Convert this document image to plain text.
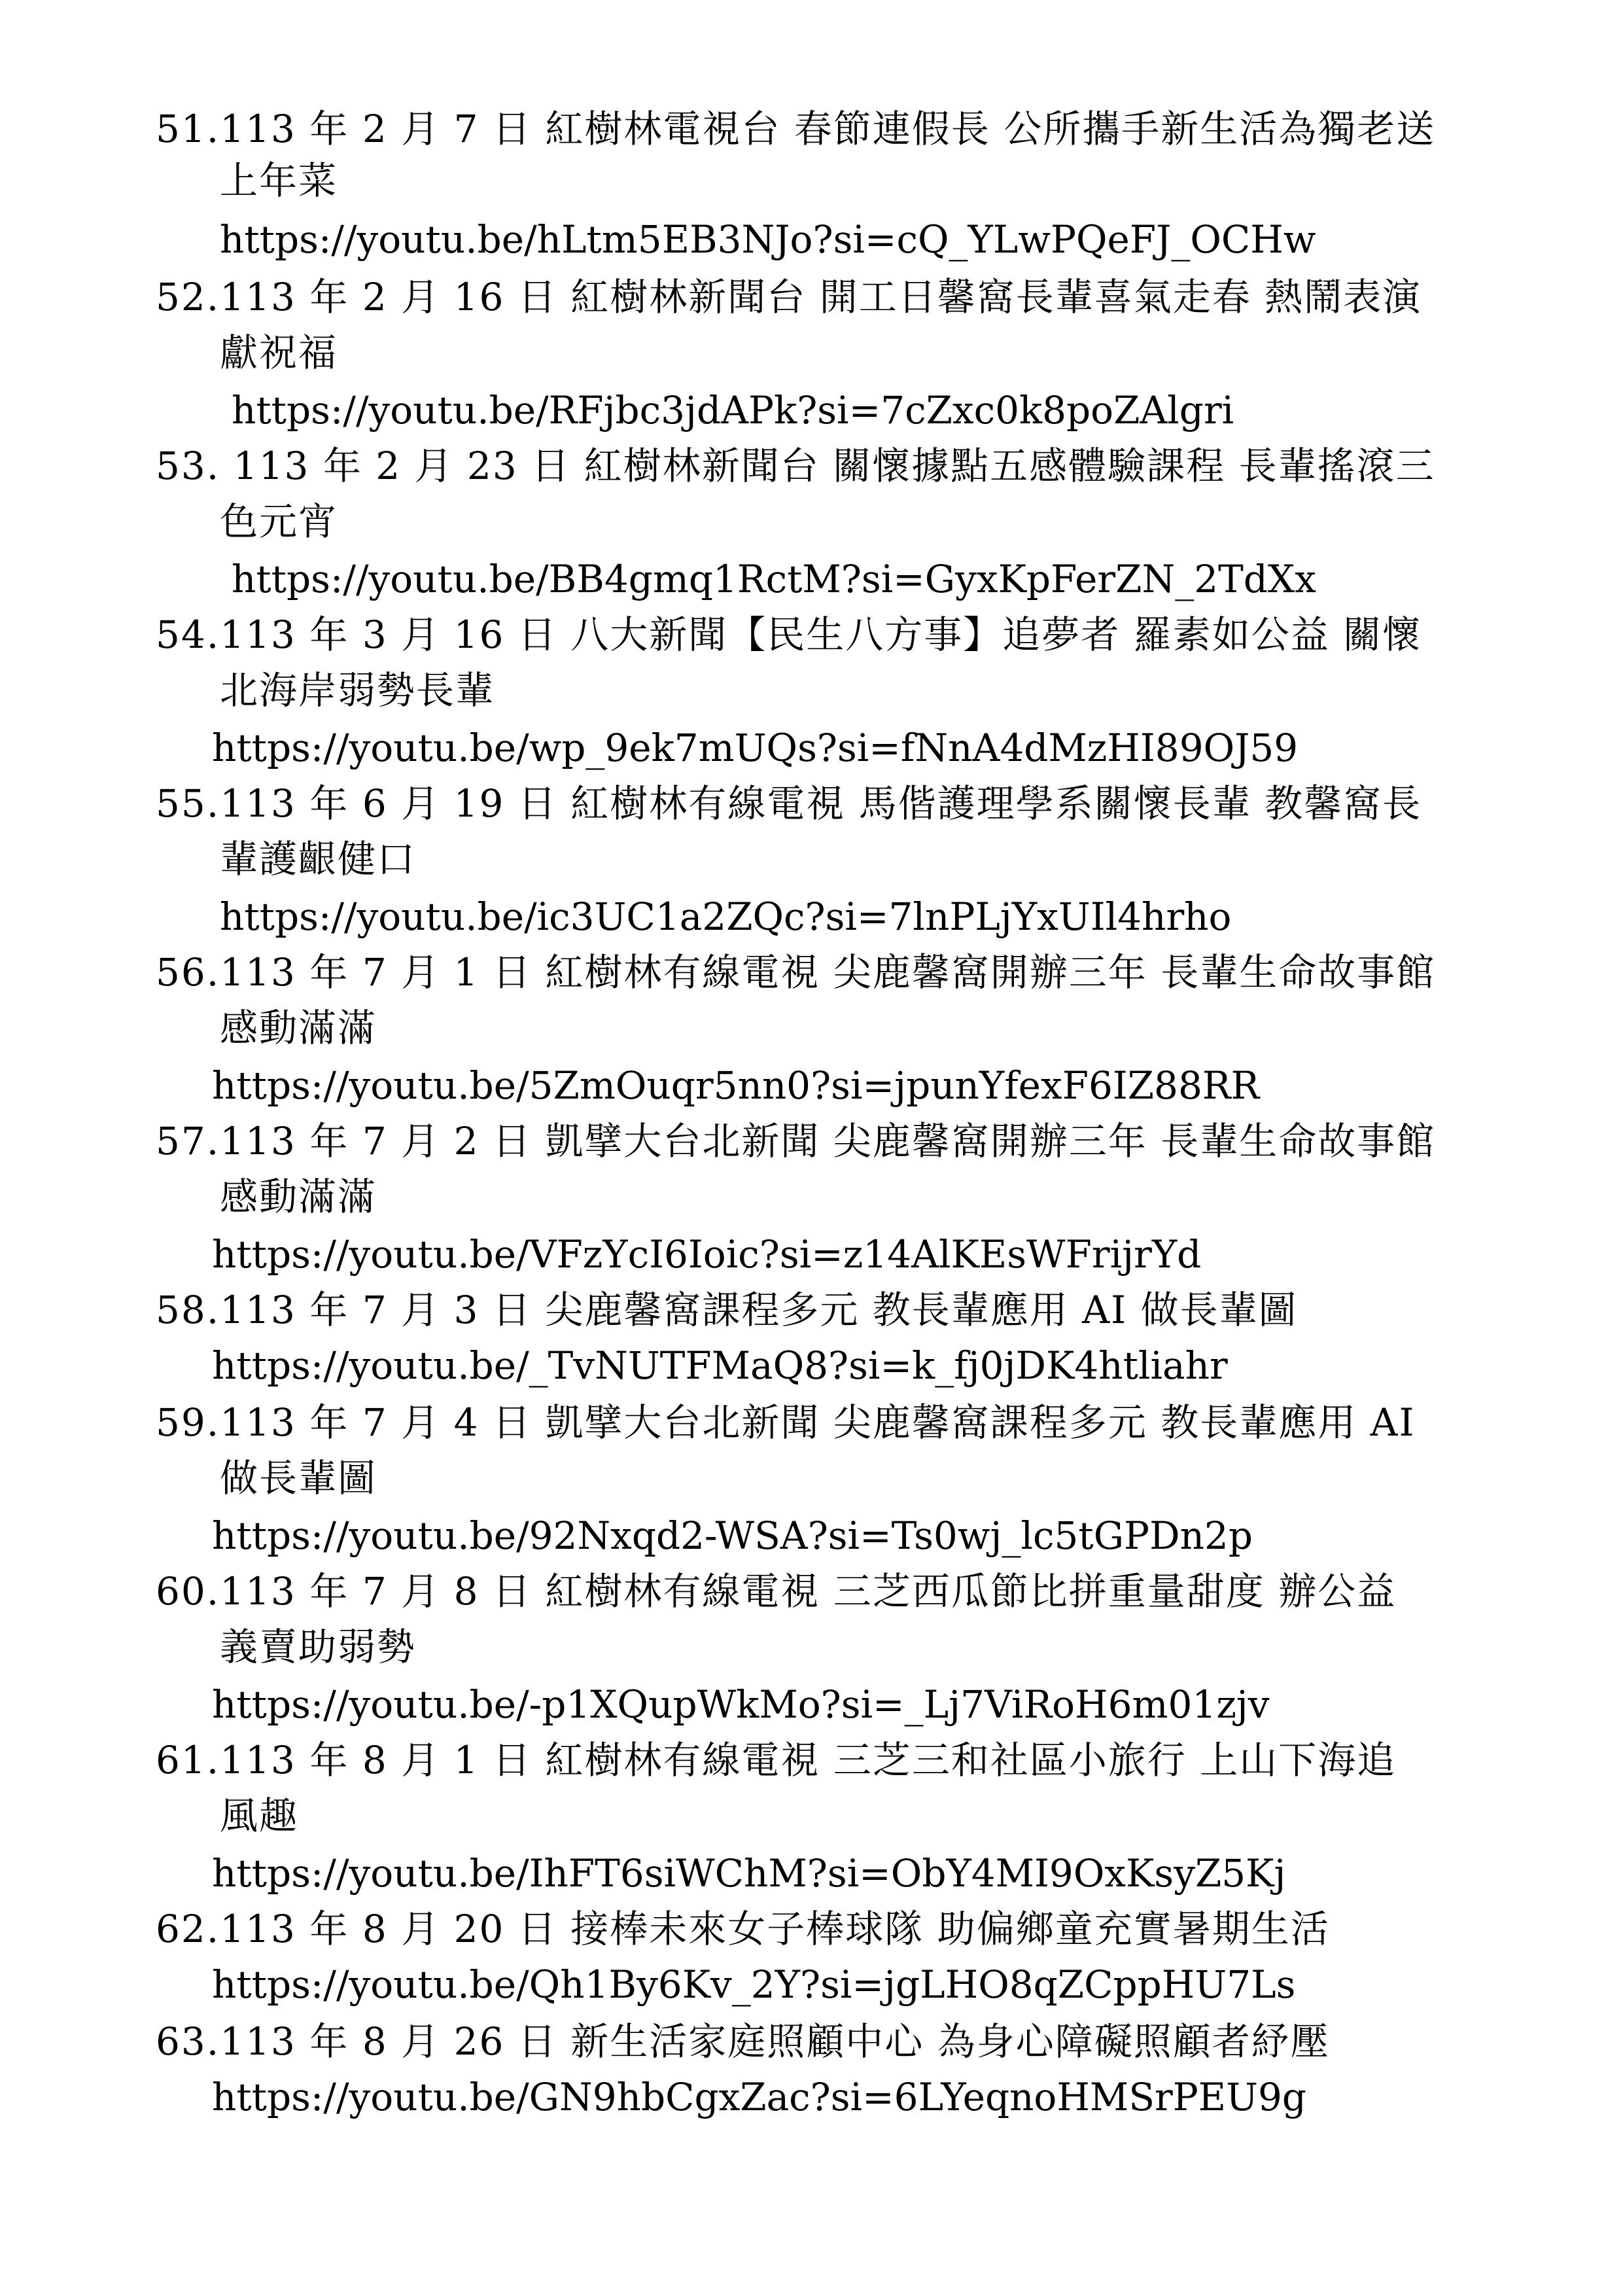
51.113 年 2 月 7 日 紅樹林電視台 春節連假長 公所攜手新生活為獨老送
上年菜
https://youtu.be/hLtm5EB3NJo?si=cQ_YLwPQeFJ_OCHw
52.113 年 2 月 16 日 紅樹林新聞台 開工日馨窩長輩喜氣走春 熱鬧表演
獻祝福
https://youtu.be/RFjbc3jdAPk?si=7cZxc0k8poZAlgri
53. 113 年 2 月 23 日 紅樹林新聞台 關懷據點五感體驗課程 長輩搖滾三
色元宵
https://youtu.be/BB4gmq1RctM?si=GyxKpFerZN_2TdXx
54.113 年 3 月 16 日 八大新聞【民生八方事】追夢者 羅素如公益 關懷
北海岸弱勢長輩
https://youtu.be/wp_9ek7mUQs?si=fNnA4dMzHI89OJ59
55.113 年 6 月 19 日 紅樹林有線電視 馬偕護理學系關懷長輩 教馨窩長
輩護齦健口
https://youtu.be/ic3UC1a2ZQc?si=7lnPLjYxUIl4hrho
56.113 年 7 月 1 日 紅樹林有線電視 尖鹿馨窩開辦三年 長輩生命故事館
感動滿滿
https://youtu.be/5ZmOuqr5nn0?si=jpunYfexF6IZ88RR
57.113 年 7 月 2 日 凱擘大台北新聞 尖鹿馨窩開辦三年 長輩生命故事館
感動滿滿
https://youtu.be/VFzYcI6Ioic?si=z14AlKEsWFrijrYd
58.113 年 7 月 3 日 尖鹿馨窩課程多元 教長輩應用 AI 做長輩圖
https://youtu.be/_TvNUTFMaQ8?si=k_fj0jDK4htliahr
59.113 年 7 月 4 日 凱擘大台北新聞 尖鹿馨窩課程多元 教長輩應用 AI
做長輩圖
https://youtu.be/92Nxqd2-WSA?si=Ts0wj_lc5tGPDn2p
60.113 年 7 月 8 日 紅樹林有線電視 三芝西瓜節比拼重量甜度 辦公益
義賣助弱勢
https://youtu.be/-p1XQupWkMo?si=_Lj7ViRoH6m01zjv
61.113 年 8 月 1 日 紅樹林有線電視 三芝三和社區小旅行 上山下海追
風趣
https://youtu.be/IhFT6siWChM?si=ObY4MI9OxKsyZ5Kj
62.113 年 8 月 20 日 接棒未來女子棒球隊 助偏鄉童充實暑期生活
https://youtu.be/Qh1By6Kv_2Y?si=jgLHO8qZCppHU7Ls
63.113 年 8 月 26 日 新生活家庭照顧中心 為身心障礙照顧者紓壓
https://youtu.be/GN9hbCgxZac?si=6LYeqnoHMSrPEU9g
